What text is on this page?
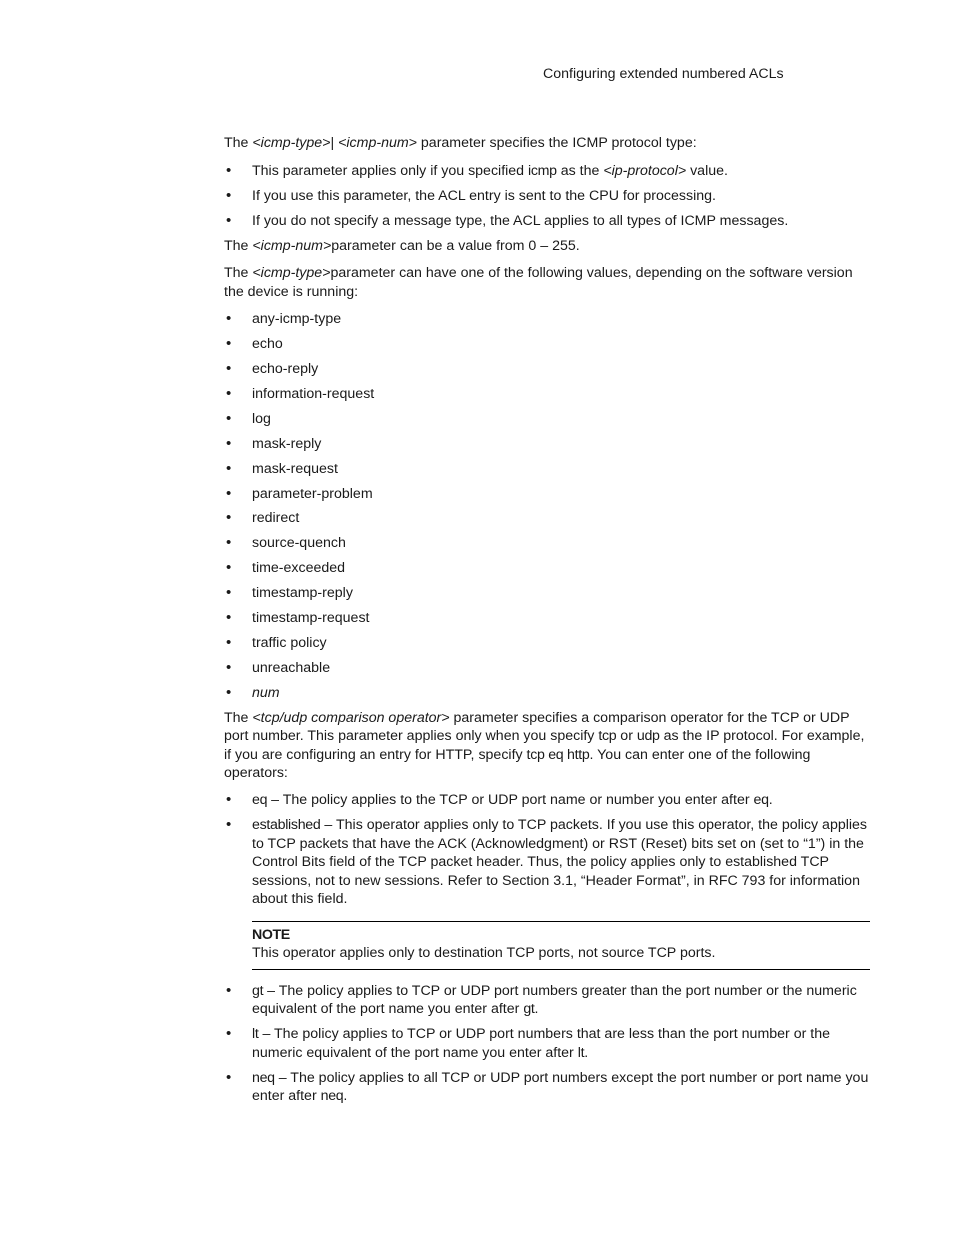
Configuring extended numbered ACLs

The <icmp-type>| <icmp-num> parameter specifies the ICMP protocol type:

• This parameter applies only if you specified icmp as the <ip-protocol> value.
• If you use this parameter, the ACL entry is sent to the CPU for processing.
• If you do not specify a message type, the ACL applies to all types of ICMP messages.

The <icmp-num>parameter can be a value from 0 – 255.

The <icmp-type>parameter can have one of the following values, depending on the software version the device is running:

• any-icmp-type
• echo
• echo-reply
• information-request
• log
• mask-reply
• mask-request
• parameter-problem
• redirect
• source-quench
• time-exceeded
• timestamp-reply
• timestamp-request
• traffic policy
• unreachable
• num

The <tcp/udp comparison operator> parameter specifies a comparison operator for the TCP or UDP port number. This parameter applies only when you specify tcp or udp as the IP protocol. For example, if you are configuring an entry for HTTP, specify tcp eq http. You can enter one of the following operators:

• eq – The policy applies to the TCP or UDP port name or number you enter after eq.
• established – This operator applies only to TCP packets. If you use this operator, the policy applies to TCP packets that have the ACK (Acknowledgment) or RST (Reset) bits set on (set to “1”) in the Control Bits field of the TCP packet header. Thus, the policy applies only to established TCP sessions, not to new sessions. Refer to Section 3.1, “Header Format”, in RFC 793 for information about this field.
NOTE
This operator applies only to destination TCP ports, not source TCP ports.
• gt – The policy applies to TCP or UDP port numbers greater than the port number or the numeric equivalent of the port name you enter after gt.
• lt – The policy applies to TCP or UDP port numbers that are less than the port number or the numeric equivalent of the port name you enter after lt.
• neq – The policy applies to all TCP or UDP port numbers except the port number or port name you enter after neq.
